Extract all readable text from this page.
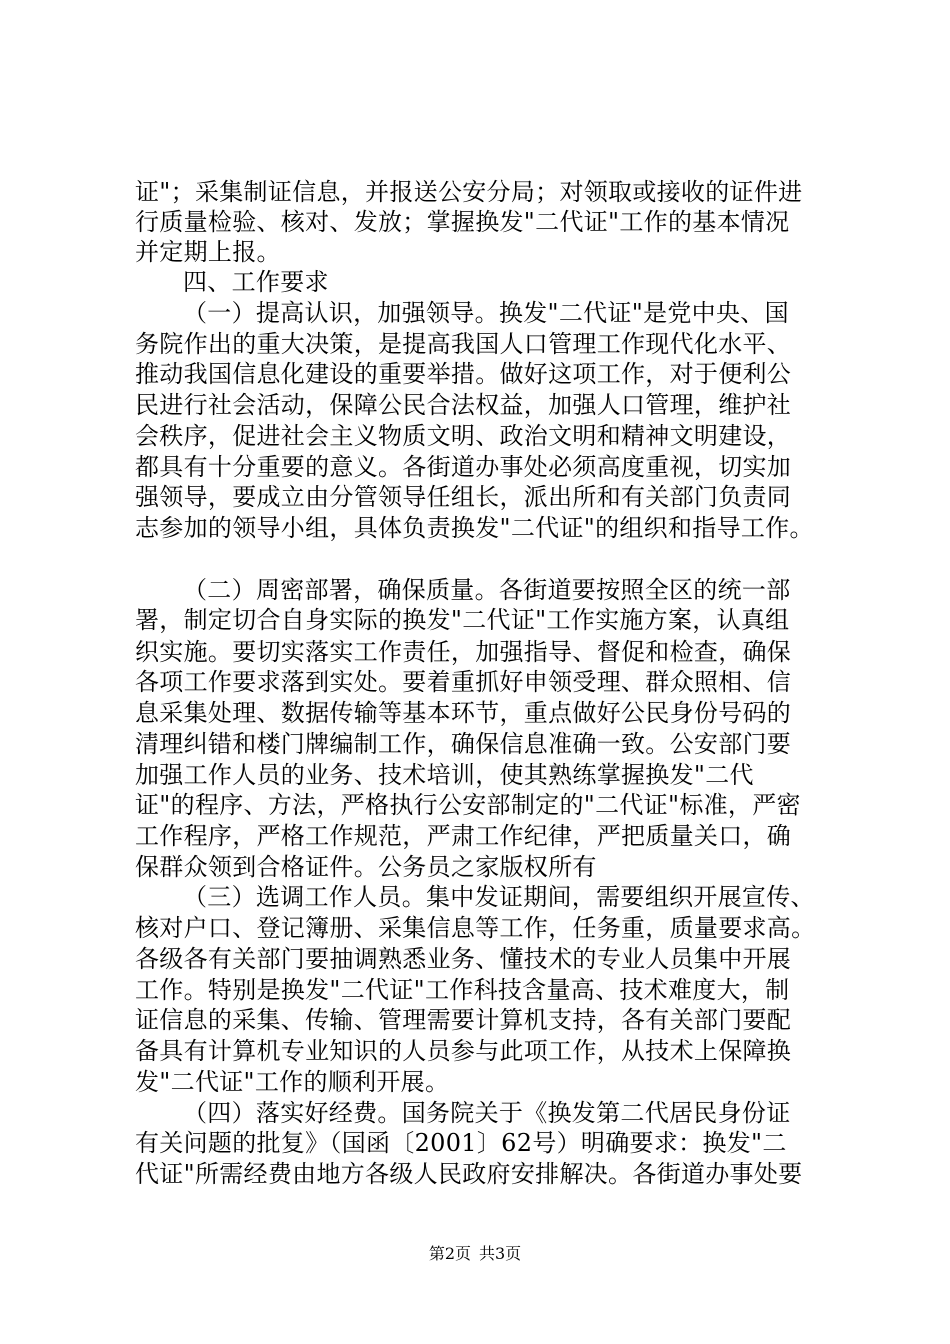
证"；采集制证信息，并报送公安分局；对领取或接收的证件进
行质量检验、核对、发放；掌握换发"二代证"工作的基本情况
并定期上报。
四、工作要求
（一）提高认识，加强领导。换发"二代证"是党中央、国
务院作出的重大决策，是提高我国人口管理工作现代化水平、
推动我国信息化建设的重要举措。做好这项工作，对于便利公
民进行社会活动，保障公民合法权益，加强人口管理，维护社
会秩序，促进社会主义物质文明、政治文明和精神文明建设，
都具有十分重要的意义。各街道办事处必须高度重视，切实加
强领导，要成立由分管领导任组长，派出所和有关部门负责同
志参加的领导小组，具体负责换发"二代证"的组织和指导工作。
（二）周密部署，确保质量。各街道要按照全区的统一部
署，制定切合自身实际的换发"二代证"工作实施方案，认真组
织实施。要切实落实工作责任，加强指导、督促和检查，确保
各项工作要求落到实处。要着重抓好申领受理、群众照相、信
息采集处理、数据传输等基本环节，重点做好公民身份号码的
清理纠错和楼门牌编制工作，确保信息准确一致。公安部门要
加强工作人员的业务、技术培训，使其熟练掌握换发"二代
证"的程序、方法，严格执行公安部制定的"二代证"标准，严密
工作程序，严格工作规范，严肃工作纪律，严把质量关口，确
保群众领到合格证件。公务员之家版权所有
（三）选调工作人员。集中发证期间，需要组织开展宣传、
核对户口、登记簿册、采集信息等工作，任务重，质量要求高。
各级各有关部门要抽调熟悉业务、懂技术的专业人员集中开展
工作。特别是换发"二代证"工作科技含量高、技术难度大，制
证信息的采集、传输、管理需要计算机支持，各有关部门要配
备具有计算机专业知识的人员参与此项工作，从技术上保障换
发"二代证"工作的顺利开展。
（四）落实好经费。国务院关于《换发第二代居民身份证
有关问题的批复》（国函〔2001〕62号）明确要求：换发"二
代证"所需经费由地方各级人民政府安排解决。各街道办事处要
第2页 共3页
